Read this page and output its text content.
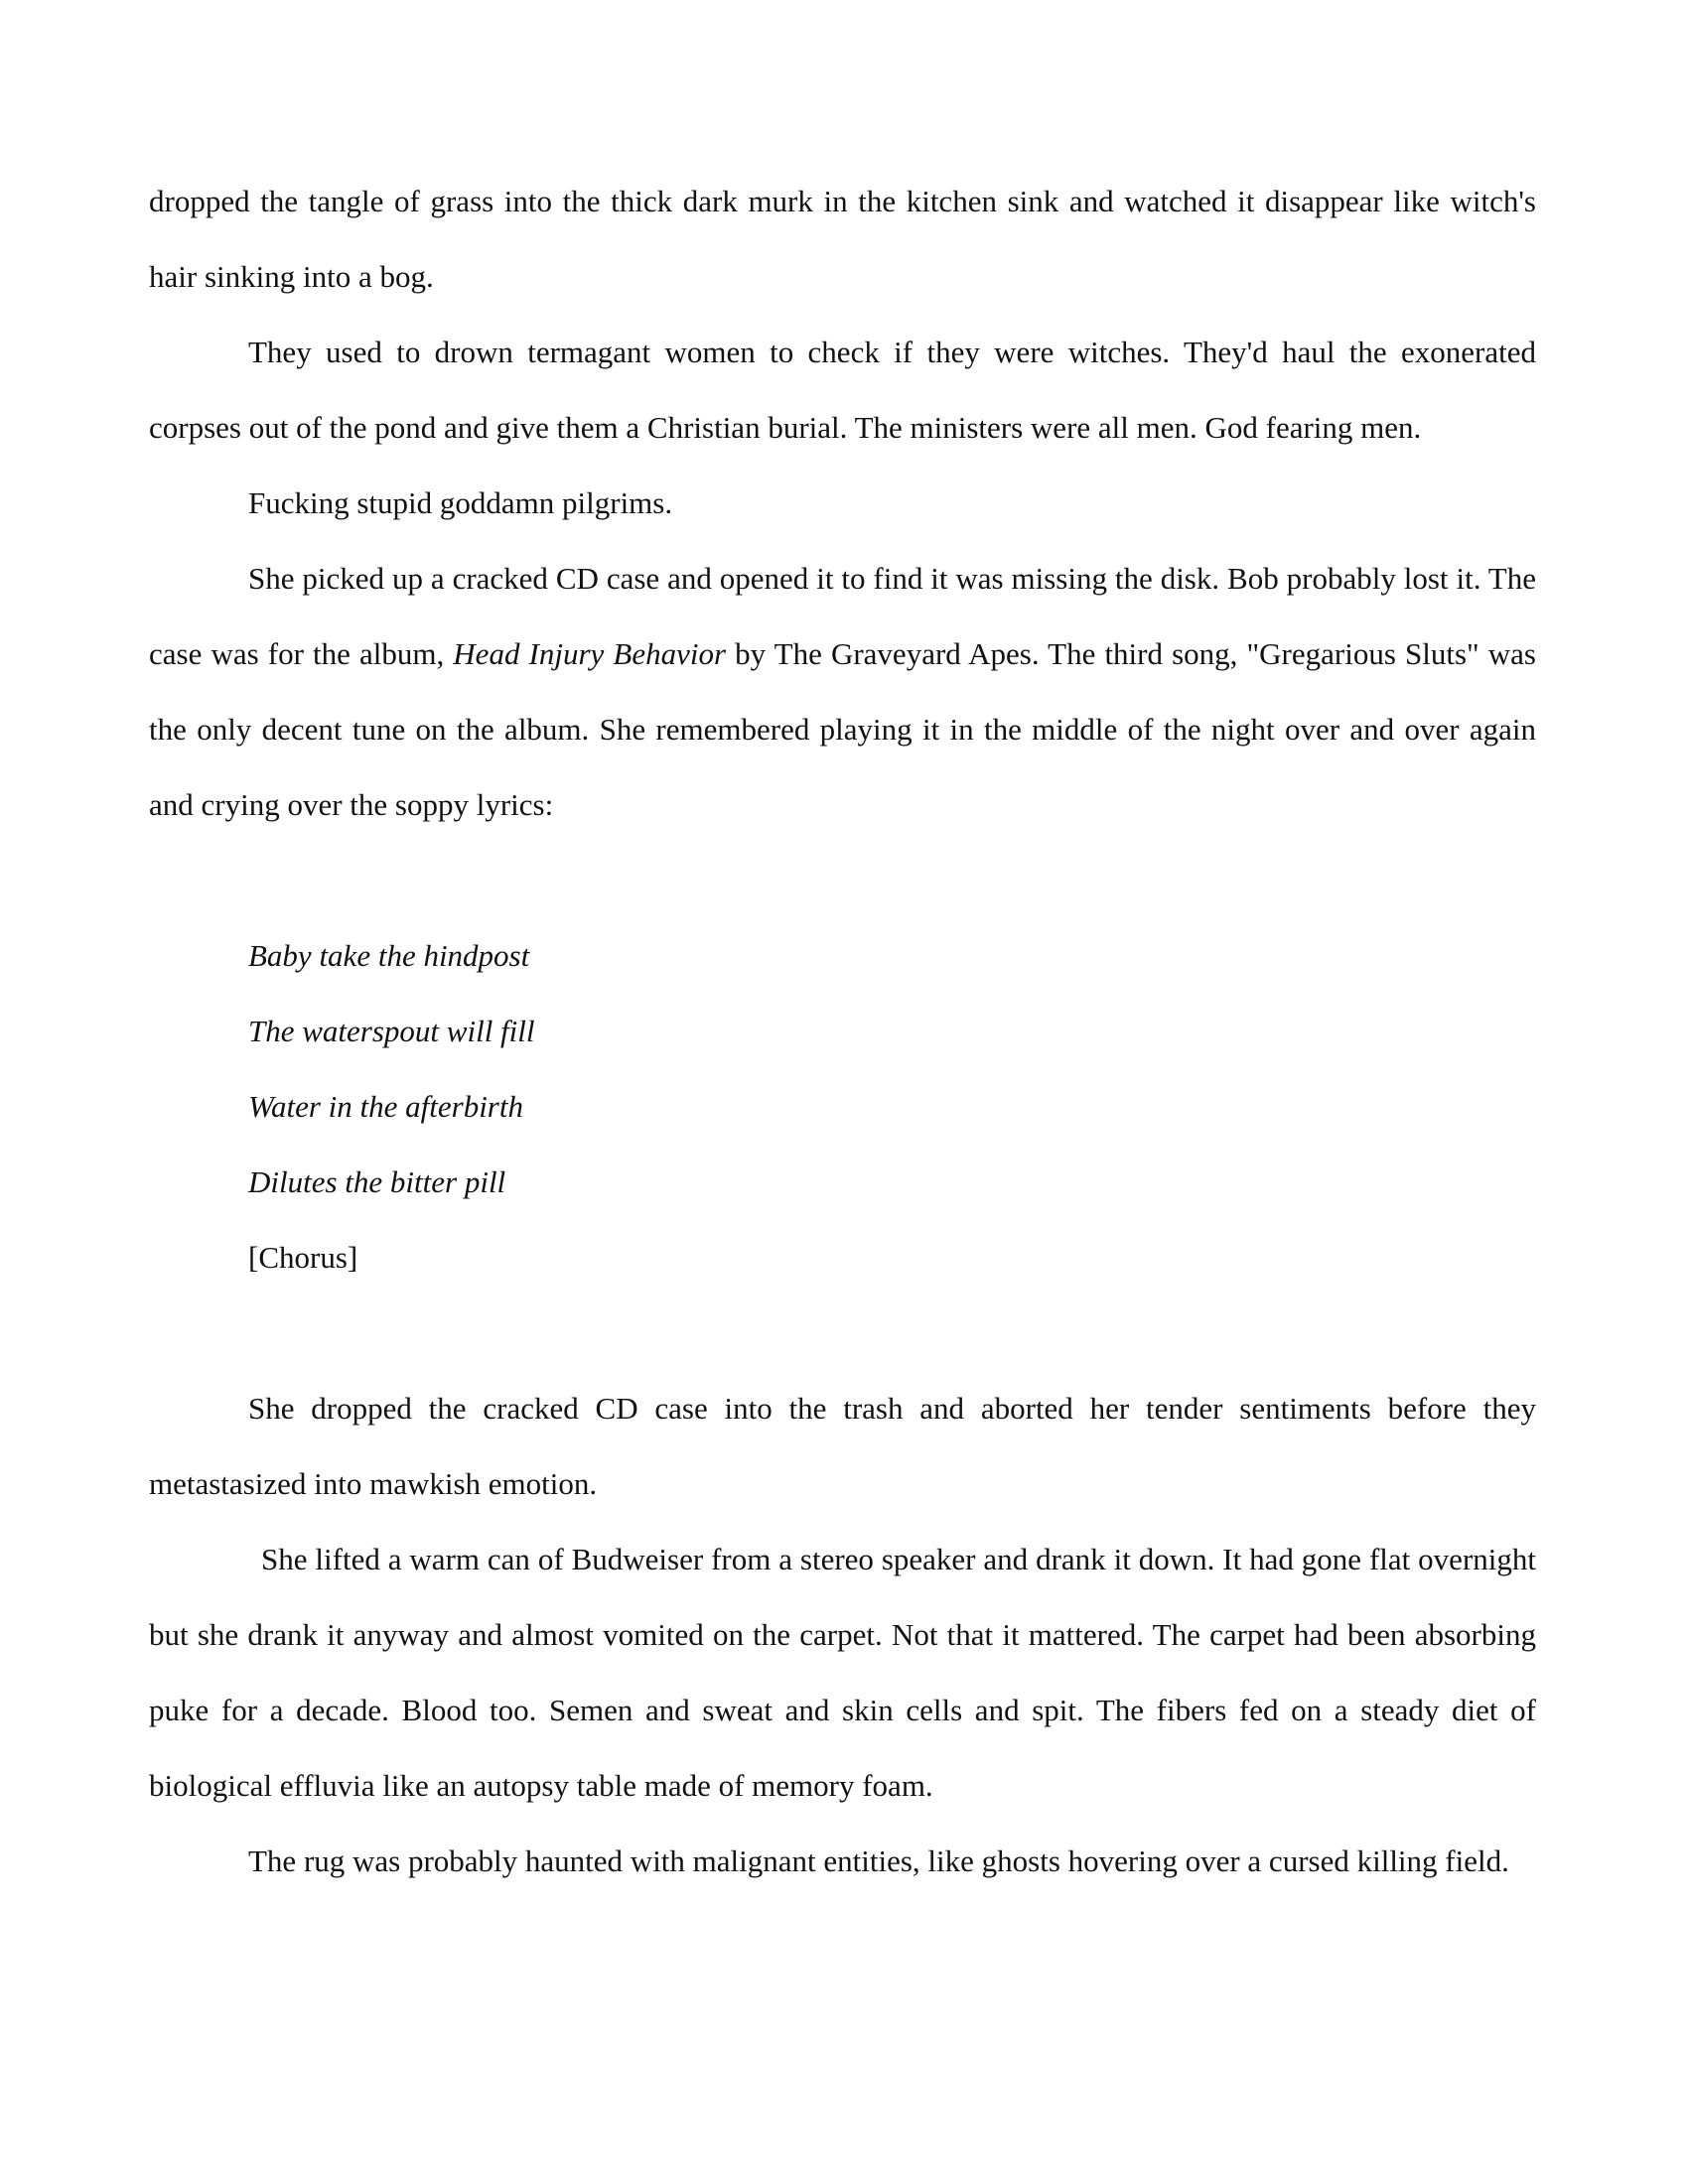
dropped the tangle of grass into the thick dark murk in the kitchen sink and watched it disappear like witch's hair sinking into a bog.

They used to drown termagant women to check if they were witches. They'd haul the exonerated corpses out of the pond and give them a Christian burial. The ministers were all men. God fearing men.

Fucking stupid goddamn pilgrims.

She picked up a cracked CD case and opened it to find it was missing the disk. Bob probably lost it. The case was for the album, Head Injury Behavior by The Graveyard Apes. The third song, "Gregarious Sluts" was the only decent tune on the album. She remembered playing it in the middle of the night over and over again and crying over the soppy lyrics:

Baby take the hindpost
The waterspout will fill
Water in the afterbirth
Dilutes the bitter pill
[Chorus]

She dropped the cracked CD case into the trash and aborted her tender sentiments before they metastasized into mawkish emotion.

She lifted a warm can of Budweiser from a stereo speaker and drank it down. It had gone flat overnight but she drank it anyway and almost vomited on the carpet. Not that it mattered. The carpet had been absorbing puke for a decade. Blood too. Semen and sweat and skin cells and spit. The fibers fed on a steady diet of biological effluvia like an autopsy table made of memory foam.

The rug was probably haunted with malignant entities, like ghosts hovering over a cursed killing field.
